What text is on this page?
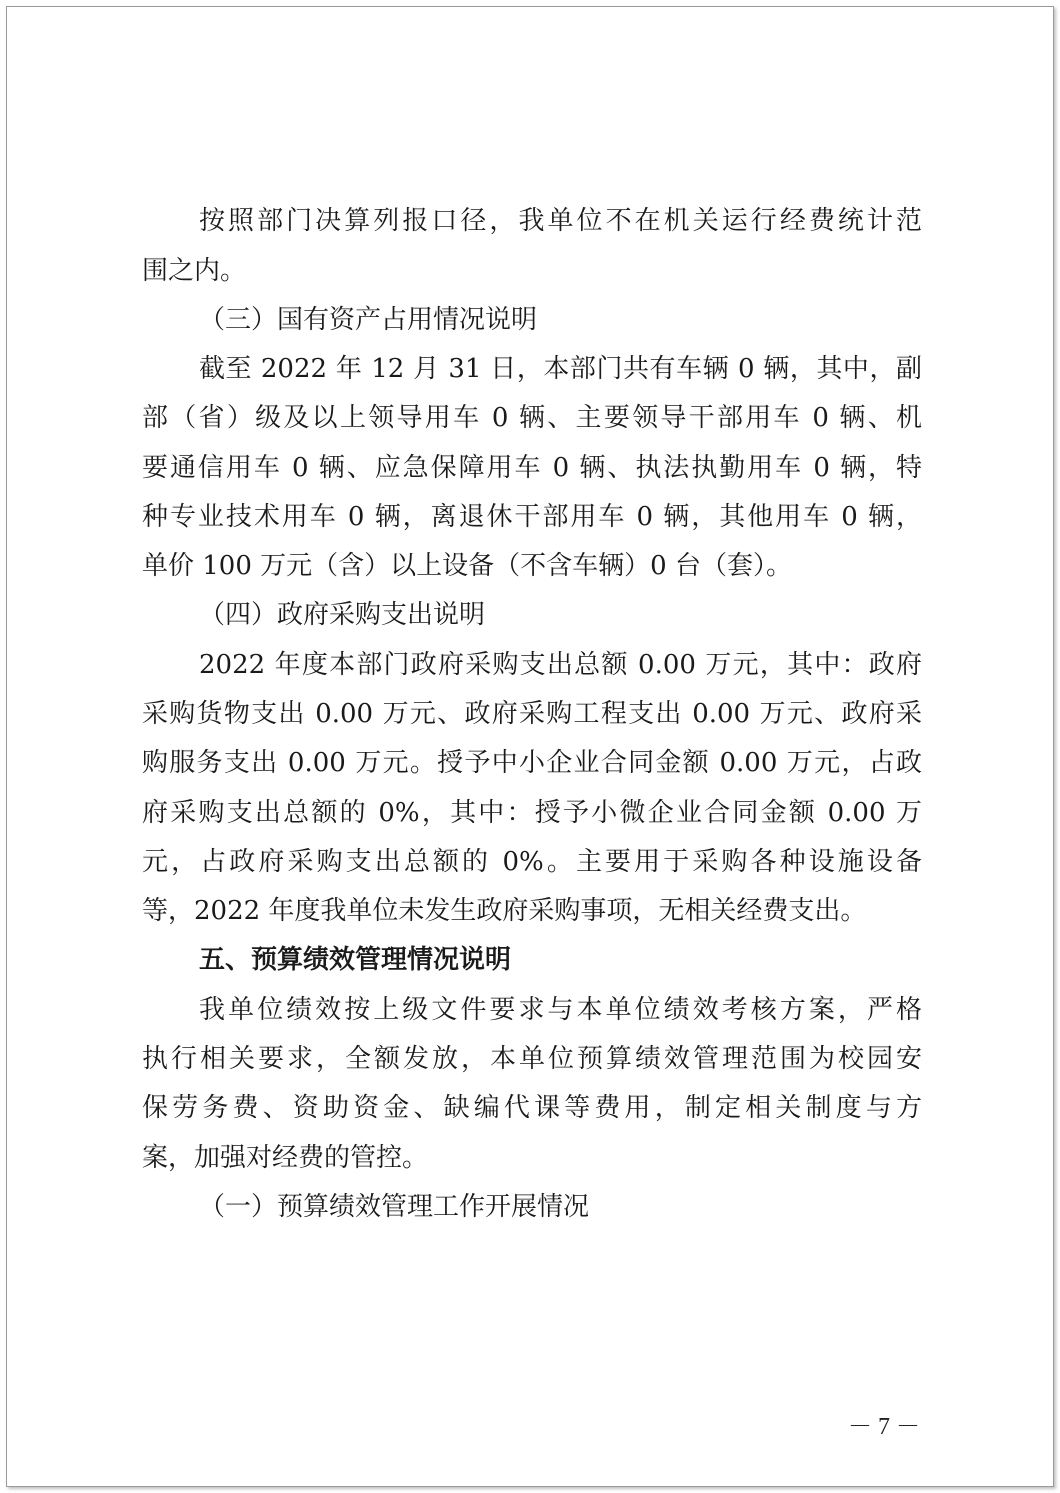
按照部门决算列报口径，我单位不在机关运行经费统计范
围之内。
（三）国有资产占用情况说明
截至 2022 年 12 月 31 日，本部门共有车辆 0 辆，其中，副
部（省）级及以上领导用车 0 辆、主要领导干部用车 0 辆、机
要通信用车 0 辆、应急保障用车 0 辆、执法执勤用车 0 辆，特
种专业技术用车 0 辆，离退休干部用车 0 辆，其他用车 0 辆，
单价 100 万元（含）以上设备（不含车辆）0 台（套）。
（四）政府采购支出说明
2022 年度本部门政府采购支出总额 0.00 万元，其中：政府
采购货物支出 0.00 万元、政府采购工程支出 0.00 万元、政府采
购服务支出 0.00 万元。授予中小企业合同金额 0.00 万元，占政
府采购支出总额的 0%，其中：授予小微企业合同金额 0.00 万
元，占政府采购支出总额的 0%。主要用于采购各种设施设备
等，2022 年度我单位未发生政府采购事项，无相关经费支出。
五、预算绩效管理情况说明
我单位绩效按上级文件要求与本单位绩效考核方案，严格
执行相关要求，全额发放，本单位预算绩效管理范围为校园安
保劳务费、资助资金、缺编代课等费用，制定相关制度与方
案，加强对经费的管控。
（一）预算绩效管理工作开展情况
－ 7 －
